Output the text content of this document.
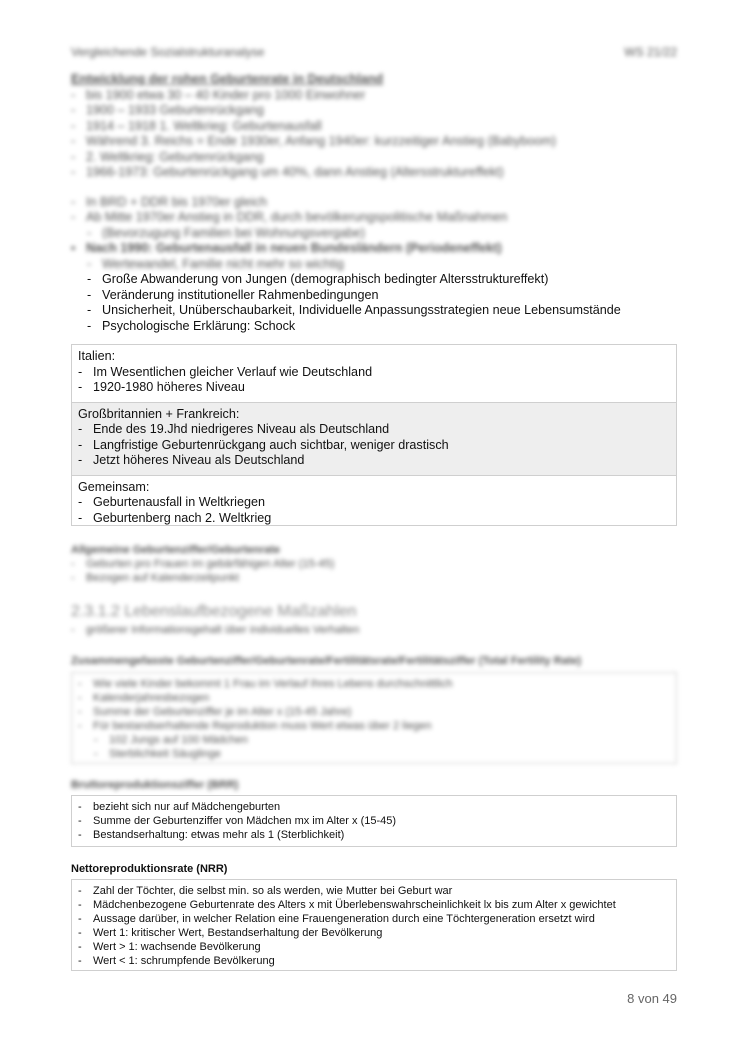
Vergleichende Sozialstrukturanalyse	WS 21/22
Entwicklung der rohen Geburtenrate in Deutschland
- bis 1900 etwa 30 – 40 Kinder pro 1000 Einwohner
- 1900 – 1933 Geburtenrückgang
- 1914 – 1918 1. Weltkrieg: Geburtenausfall
- Während 3. Reichs = Ende 1930er, Anfang 1940er: kurzzeitiger Anstieg (Babyboom)
- 2. Weltkrieg: Geburtenrückgang
- 1966-1973: Geburtenrückgang um 40%, dann Anstieg (Altersstruktureffekt)
- In BRD + DDR bis 1970er gleich
- Ab Mitte 1970er Anstieg in DDR, durch bevölkerungspolitische Maßnahmen
- (Bevorzugung Familien bei Wohnungsvergabe)
▪ Nach 1990: Geburtenausfall in neuen Bundesländern (Periodeneffekt)
- Wertewandel, Familie nicht mehr so wichtig
- Große Abwanderung von Jungen (demographisch bedingter Altersstruktureffekt)
- Veränderung institutioneller Rahmenbedingungen
- Unsicherheit, Unüberschaubarkeit, Individuelle Anpassungsstrategien neue Lebensumstände
- Psychologische Erklärung: Schock
Italien:
- Im Wesentlichen gleicher Verlauf wie Deutschland
- 1920-1980 höheres Niveau
Großbritannien + Frankreich:
- Ende des 19.Jhd niedrigeres Niveau als Deutschland
- Langfristige Geburtenrückgang auch sichtbar, weniger drastisch
- Jetzt höheres Niveau als Deutschland
Gemeinsam:
- Geburtenausfall in Weltkriegen
- Geburtenberg nach 2. Weltkrieg
Allgemeine Geburtenziffer/Geburtenrate
- Geburten pro Frauen im gebärfähigen Alter (15-45)
- Bezogen auf Kalenderzeitpunkt
2.3.1.2 Lebenslaufbezogene Maßzahlen
- größerer Informationsgehalt über individuelles Verhalten
Zusammengefasste Geburtenziffer/Geburtenrate/Fertilitätsrate/Fertilitätsziffer (Total Fertility Rate)
- Wie viele Kinder bekommt 1 Frau im Verlauf ihres Lebens durchschnittlich
- Kalenderjahresbezogen
- Summe der Geburtenziffer je im Alter x (15-45 Jahre)
- Für bestandserhaltende Reproduktion muss Wert etwas über 2 liegen
- 102 Jungs auf 100 Mädchen
- Sterblichkeit Säuglinge
Bruttoreproduktionsziffer (BRR)
- bezieht sich nur auf Mädchengeburten
- Summe der Geburtenziffer von Mädchen mx im Alter x (15-45)
- Bestandserhaltung: etwas mehr als 1 (Sterblichkeit)
Nettoreproduktionsrate (NRR)
- Zahl der Töchter, die selbst min. so als werden, wie Mutter bei Geburt war
- Mädchenbezogene Geburtenrate des Alters x mit Überlebenswahrscheinlichkeit lx bis zum Alter x gewichtet
- Aussage darüber, in welcher Relation eine Frauengeneration durch eine Töchtergeneration ersetzt wird
- Wert 1: kritischer Wert, Bestandserhaltung der Bevölkerung
- Wert > 1: wachsende Bevölkerung
- Wert < 1: schrumpfende Bevölkerung
8 von 49
